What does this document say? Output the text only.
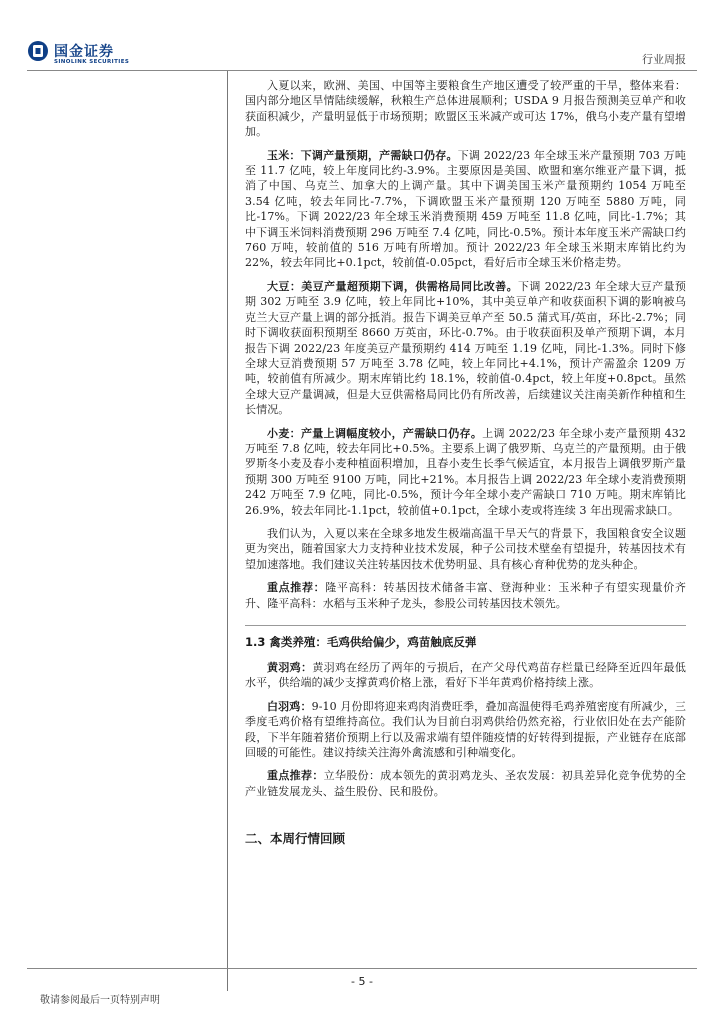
国金证券
SINOLINK SECURITIES	行业周报

入夏以来，欧洲、美国、中国等主要粮食生产地区遭受了较严重的干旱，整体来看：国内部分地区旱情陆续缓解，秋粮生产总体进展顺利；USDA 9 月报告预测美豆单产和收获面积减少，产量明显低于市场预期；欧盟区玉米减产或可达 17%，俄乌小麦产量有望增加。

玉米：下调产量预期，产需缺口仍存。下调 2022/23 年全球玉米产量预期 703 万吨至 11.7 亿吨，较上年度同比约-3.9%。主要原因是美国、欧盟和塞尔维亚产量下调，抵消了中国、乌克兰、加拿大的上调产量。其中下调美国玉米产量预期约 1054 万吨至 3.54 亿吨，较去年同比-7.7%，下调欧盟玉米产量预期 120 万吨至 5880 万吨，同比-17%。下调 2022/23 年全球玉米消费预期 459 万吨至 11.8 亿吨，同比-1.7%；其中下调玉米饲料消费预期 296 万吨至 7.4 亿吨，同比-0.5%。预计本年度玉米产需缺口约 760 万吨，较前值的 516 万吨有所增加。预计 2022/23 年全球玉米期末库销比约为 22%，较去年同比+0.1pct，较前值-0.05pct，看好后市全球玉米价格走势。

大豆：美豆产量超预期下调，供需格局同比改善。下调 2022/23 年全球大豆产量预期 302 万吨至 3.9 亿吨，较上年同比+10%，其中美豆单产和收获面积下调的影响被乌克兰大豆产量上调的部分抵消。报告下调美豆单产至 50.5 蒲式耳/英亩，环比-2.7%；同时下调收获面积预期至 8660 万英亩，环比-0.7%。由于收获面积及单产预期下调，本月报告下调 2022/23 年度美豆产量预期约 414 万吨至 1.19 亿吨，同比-1.3%。同时下修全球大豆消费预期 57 万吨至 3.78 亿吨，较上年同比+4.1%，预计产需盈余 1209 万吨，较前值有所减少。期末库销比约 18.1%，较前值-0.4pct，较上年度+0.8pct。虽然全球大豆产量调减，但是大豆供需格局同比仍有所改善，后续建议关注南美新作种植和生长情况。

小麦：产量上调幅度较小，产需缺口仍存。上调 2022/23 年全球小麦产量预期 432 万吨至 7.8 亿吨，较去年同比+0.5%。主要系上调了俄罗斯、乌克兰的产量预期。由于俄罗斯冬小麦及春小麦种植面积增加，且春小麦生长季气候适宜，本月报告上调俄罗斯产量预期 300 万吨至 9100 万吨，同比+21%。本月报告上调 2022/23 年全球小麦消费预期 242 万吨至 7.9 亿吨，同比-0.5%，预计今年全球小麦产需缺口 710 万吨。期末库销比 26.9%，较去年同比-1.1pct，较前值+0.1pct，全球小麦或将连续 3 年出现需求缺口。

我们认为，入夏以来在全球多地发生极端高温干旱天气的背景下，我国粮食安全议题更为突出，随着国家大力支持种业技术发展，种子公司技术壁垒有望提升，转基因技术有望加速落地。我们建议关注转基因技术优势明显、具有核心育种优势的龙头种企。

重点推荐：隆平高科：转基因技术储备丰富、登海种业：玉米种子有望实现量价齐升、隆平高科：水稻与玉米种子龙头，参股公司转基因技术领先。

1.3 禽类养殖：毛鸡供给偏少，鸡苗触底反弹

黄羽鸡：黄羽鸡在经历了两年的亏损后，在产父母代鸡苗存栏量已经降至近四年最低水平，供给端的减少支撑黄鸡价格上涨，看好下半年黄鸡价格持续上涨。

白羽鸡：9-10 月份即将迎来鸡肉消费旺季，叠加高温使得毛鸡养殖密度有所减少，三季度毛鸡价格有望维持高位。我们认为目前白羽鸡供给仍然充裕，行业依旧处在去产能阶段，下半年随着猪价预期上行以及需求端有望伴随疫情的好转得到提振，产业链存在底部回暖的可能性。建议持续关注海外禽流感和引种端变化。

重点推荐：立华股份：成本领先的黄羽鸡龙头、圣农发展：初具差异化竞争优势的全产业链发展龙头、益生股份、民和股份。

二、本周行情回顾
- 5 -
敬请参阅最后一页特别声明
